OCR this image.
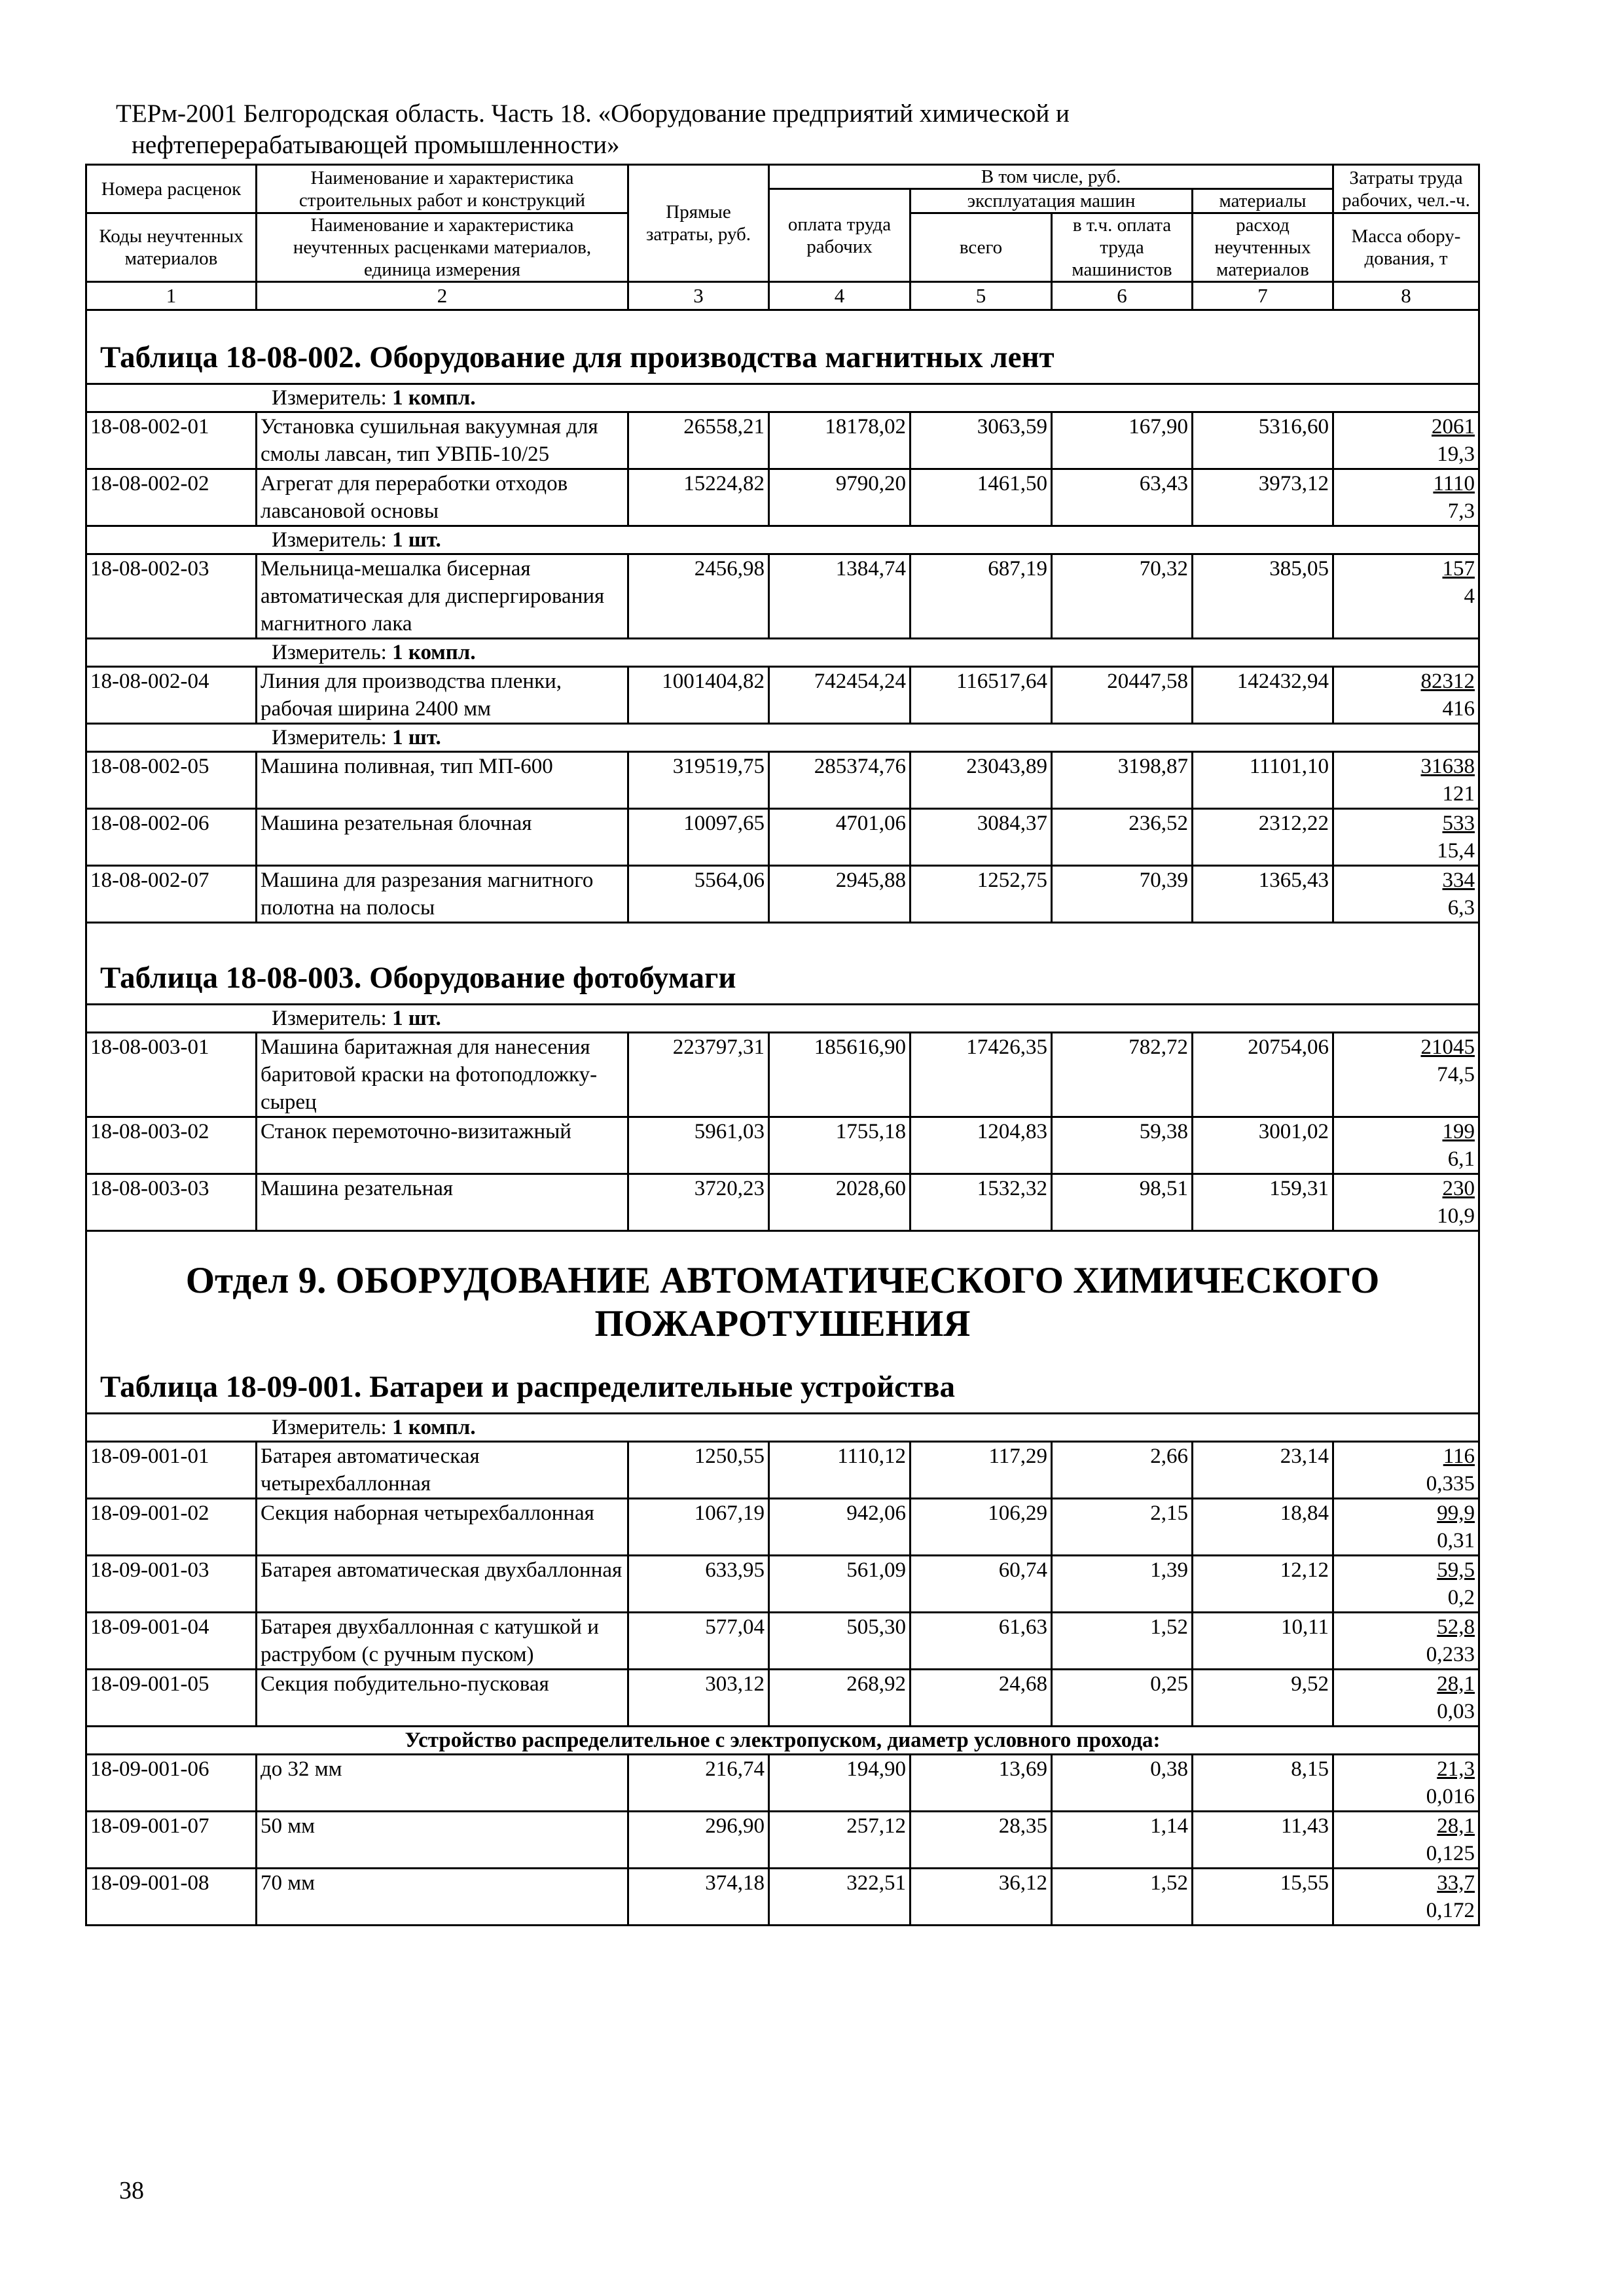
ТЕРм-2001 Белгородская область. Часть 18. «Оборудование предприятий химической и
нефтеперерабатывающей промышленности»
Номера расценок	Наименование и характеристика строительных работ и конструкций	Прямые затраты, руб.	В том числе, руб.				Затраты труда рабочих, чел.-ч.
			оплата труда рабочих	эксплуатация машин		материалы	
Коды неучтенных материалов	Наименование и характеристика неучтенных расценками материалов, единица измерения			всего	в т.ч. оплата труда машинистов	расход неучтенных материалов	
							Масса обору-дования, т

1	2	3	4	5	6	7	8
Таблица 18-08-002. Оборудование для производства магнитных лент							
Измеритель: 1 компл.							
18-08-002-01	Установка сушильная вакуумная для смолы лавсан, тип УВПБ-10/25	26558,21	18178,02	3063,59	167,90	5316,60	2061
19,3

18-08-002-02	Агрегат для переработки отходов лавсановой основы	15224,82	9790,20	1461,50	63,43	3973,12	1110
7,3

Измеритель: 1 шт.							
18-08-002-03	Мельница-мешалка бисерная автоматическая для диспергирования магнитного лака	2456,98	1384,74	687,19	70,32	385,05	157
4

Измеритель: 1 компл.							
18-08-002-04	Линия для производства пленки, рабочая ширина 2400 мм	1001404,82	742454,24	116517,64	20447,58	142432,94	82312
416

Измеритель: 1 шт.							
18-08-002-05	Машина поливная, тип МП-600	319519,75	285374,76	23043,89	3198,87	11101,10	31638
121

18-08-002-06	Машина резательная блочная	10097,65	4701,06	3084,37	236,52	2312,22	533
15,4

18-08-002-07	Машина для разрезания магнитного полотна на полосы	5564,06	2945,88	1252,75	70,39	1365,43	334
6,3

Таблица 18-08-003. Оборудование фотобумаги							
Измеритель: 1 шт.							
18-08-003-01	Машина баритажная для нанесения баритовой краски на фотоподложку-сырец	223797,31	185616,90	17426,35	782,72	20754,06	21045
74,5

18-08-003-02	Станок перемоточно-визитажный	5961,03	1755,18	1204,83	59,38	3001,02	199
6,1

18-08-003-03	Машина резательная	3720,23	2028,60	1532,32	98,51	159,31	230
10,9

Отдел 9. ОБОРУДОВАНИЕ АВТОМАТИЧЕСКОГО ХИМИЧЕСКОГО
ПОЖАРОТУШЕНИЯ							

Таблица 18-09-001. Батареи и распределительные устройства							
Измеритель: 1 компл.							
18-09-001-01	Батарея автоматическая четырехбаллонная	1250,55	1110,12	117,29	2,66	23,14	116
0,335

18-09-001-02	Секция наборная четырехбаллонная	1067,19	942,06	106,29	2,15	18,84	99,9
0,31

18-09-001-03	Батарея автоматическая двухбаллонная	633,95	561,09	60,74	1,39	12,12	59,5
0,2

18-09-001-04	Батарея двухбаллонная с катушкой и раструбом (с ручным пуском)	577,04	505,30	61,63	1,52	10,11	52,8
0,233

18-09-001-05	Секция побудительно-пусковая	303,12	268,92	24,68	0,25	9,52	28,1
0,03

Устройство распределительное с электропуском, диаметр условного прохода:							
18-09-001-06	до 32 мм	216,74	194,90	13,69	0,38	8,15	21,3
0,016

18-09-001-07	50 мм	296,90	257,12	28,35	1,14	11,43	28,1
0,125

18-09-001-08	70 мм	374,18	322,51	36,12	1,52	15,55	33,7
0,172
38
